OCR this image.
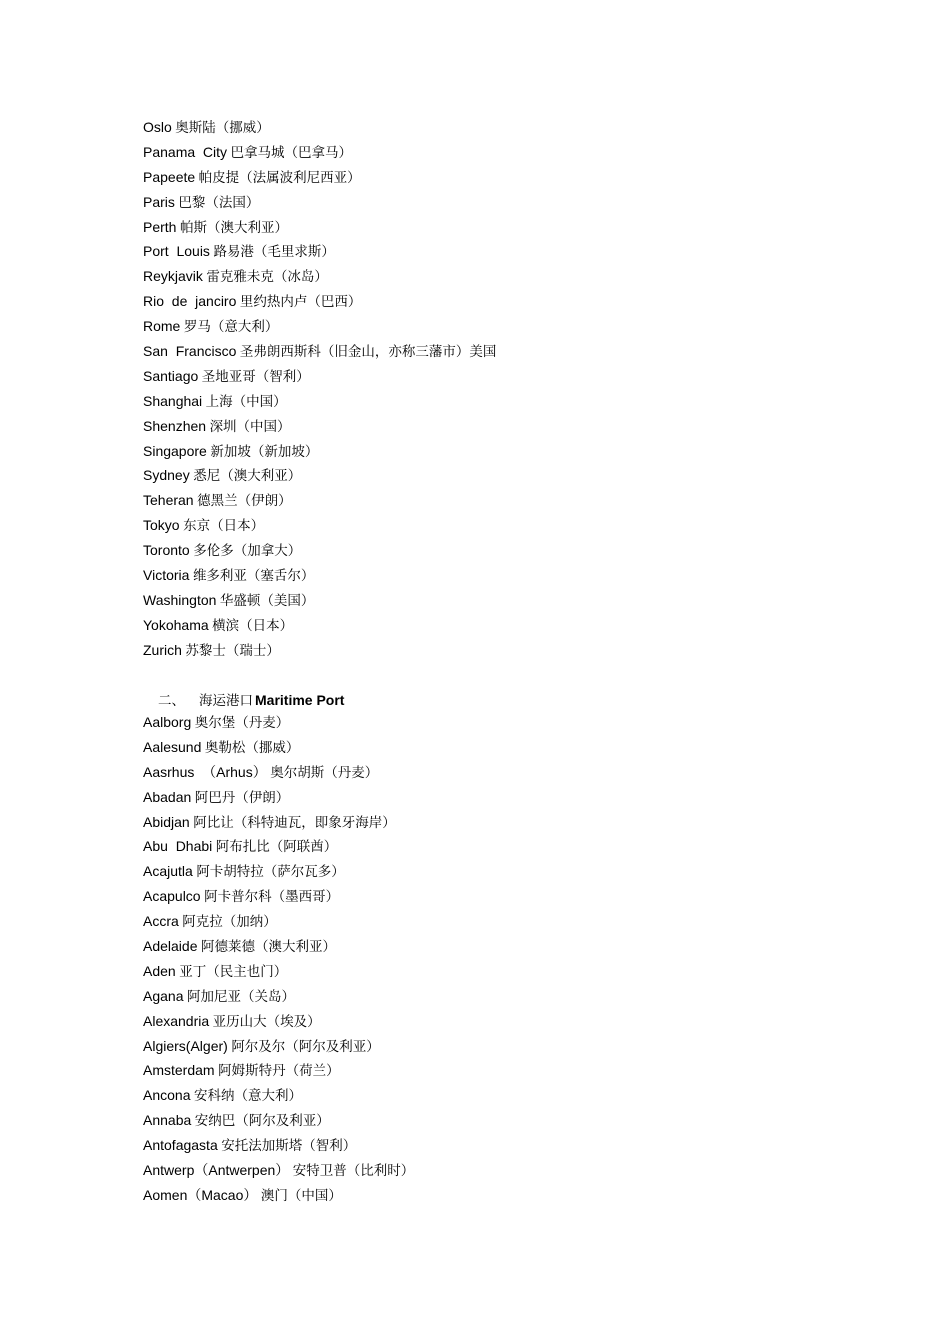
Oslo 奥斯陆（挪威）
Panama  City 巴拿马城（巴拿马）
Papeete 帕皮提（法属波利尼西亚）
Paris 巴黎（法国）
Perth 帕斯（澳大利亚）
Port  Louis 路易港（毛里求斯）
Reykjavik 雷克雅未克（冰岛）
Rio  de  janciro 里约热内卢（巴西）
Rome 罗马（意大利）
San  Francisco 圣弗朗西斯科（旧金山，亦称三藩市）美国
Santiago 圣地亚哥（智利）
Shanghai 上海（中国）
Shenzhen 深圳（中国）
Singapore 新加坡（新加坡）
Sydney 悉尼（澳大利亚）
Teheran 德黑兰（伊朗）
Tokyo 东京（日本）
Toronto 多伦多（加拿大）
Victoria 维多利亚（塞舌尔）
Washington 华盛顿（美国）
Yokohama 横滨（日本）
Zurich 苏黎士（瑞士）
二、 海运港口 Maritime Port
Aalborg 奥尔堡（丹麦）
Aalesund 奥勒松（挪威）
Aasrhus  （Arhus） 奥尔胡斯（丹麦）
Abadan 阿巴丹（伊朗）
Abidjan 阿比让（科特迪瓦，即象牙海岸）
Abu  Dhabi 阿布扎比（阿联酋）
Acajutla 阿卡胡特拉（萨尔瓦多）
Acapulco 阿卡普尔科（墨西哥）
Accra 阿克拉（加纳）
Adelaide 阿德莱德（澳大利亚）
Aden 亚丁（民主也门）
Agana 阿加尼亚（关岛）
Alexandria 亚历山大（埃及）
Algiers(Alger) 阿尔及尔（阿尔及利亚）
Amsterdam 阿姆斯特丹（荷兰）
Ancona 安科纳（意大利）
Annaba 安纳巴（阿尔及利亚）
Antofagasta 安托法加斯塔（智利）
Antwerp（Antwerpen） 安特卫普（比利时）
Aomen（Macao） 澳门（中国）
